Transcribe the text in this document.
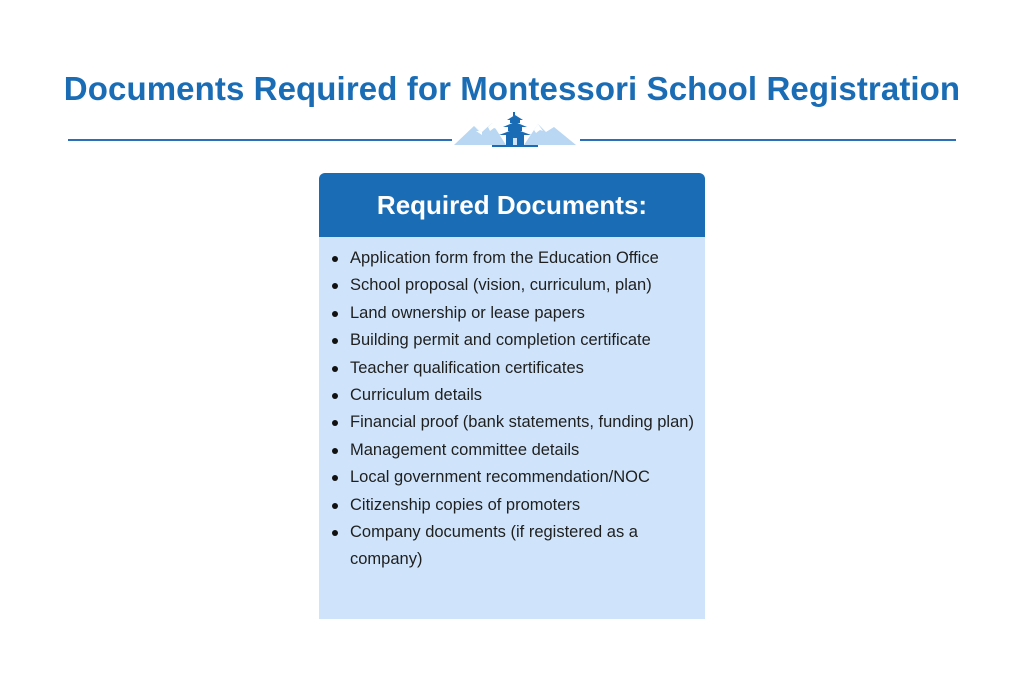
Documents Required for Montessori School Registration
Required Documents:
Application form from the Education Office
School proposal (vision, curriculum, plan)
Land ownership or lease papers
Building permit and completion certificate
Teacher qualification certificates
Curriculum details
Financial proof (bank statements, funding plan)
Management committee details
Local government recommendation/NOC
Citizenship copies of promoters
Company documents (if registered as a company)
